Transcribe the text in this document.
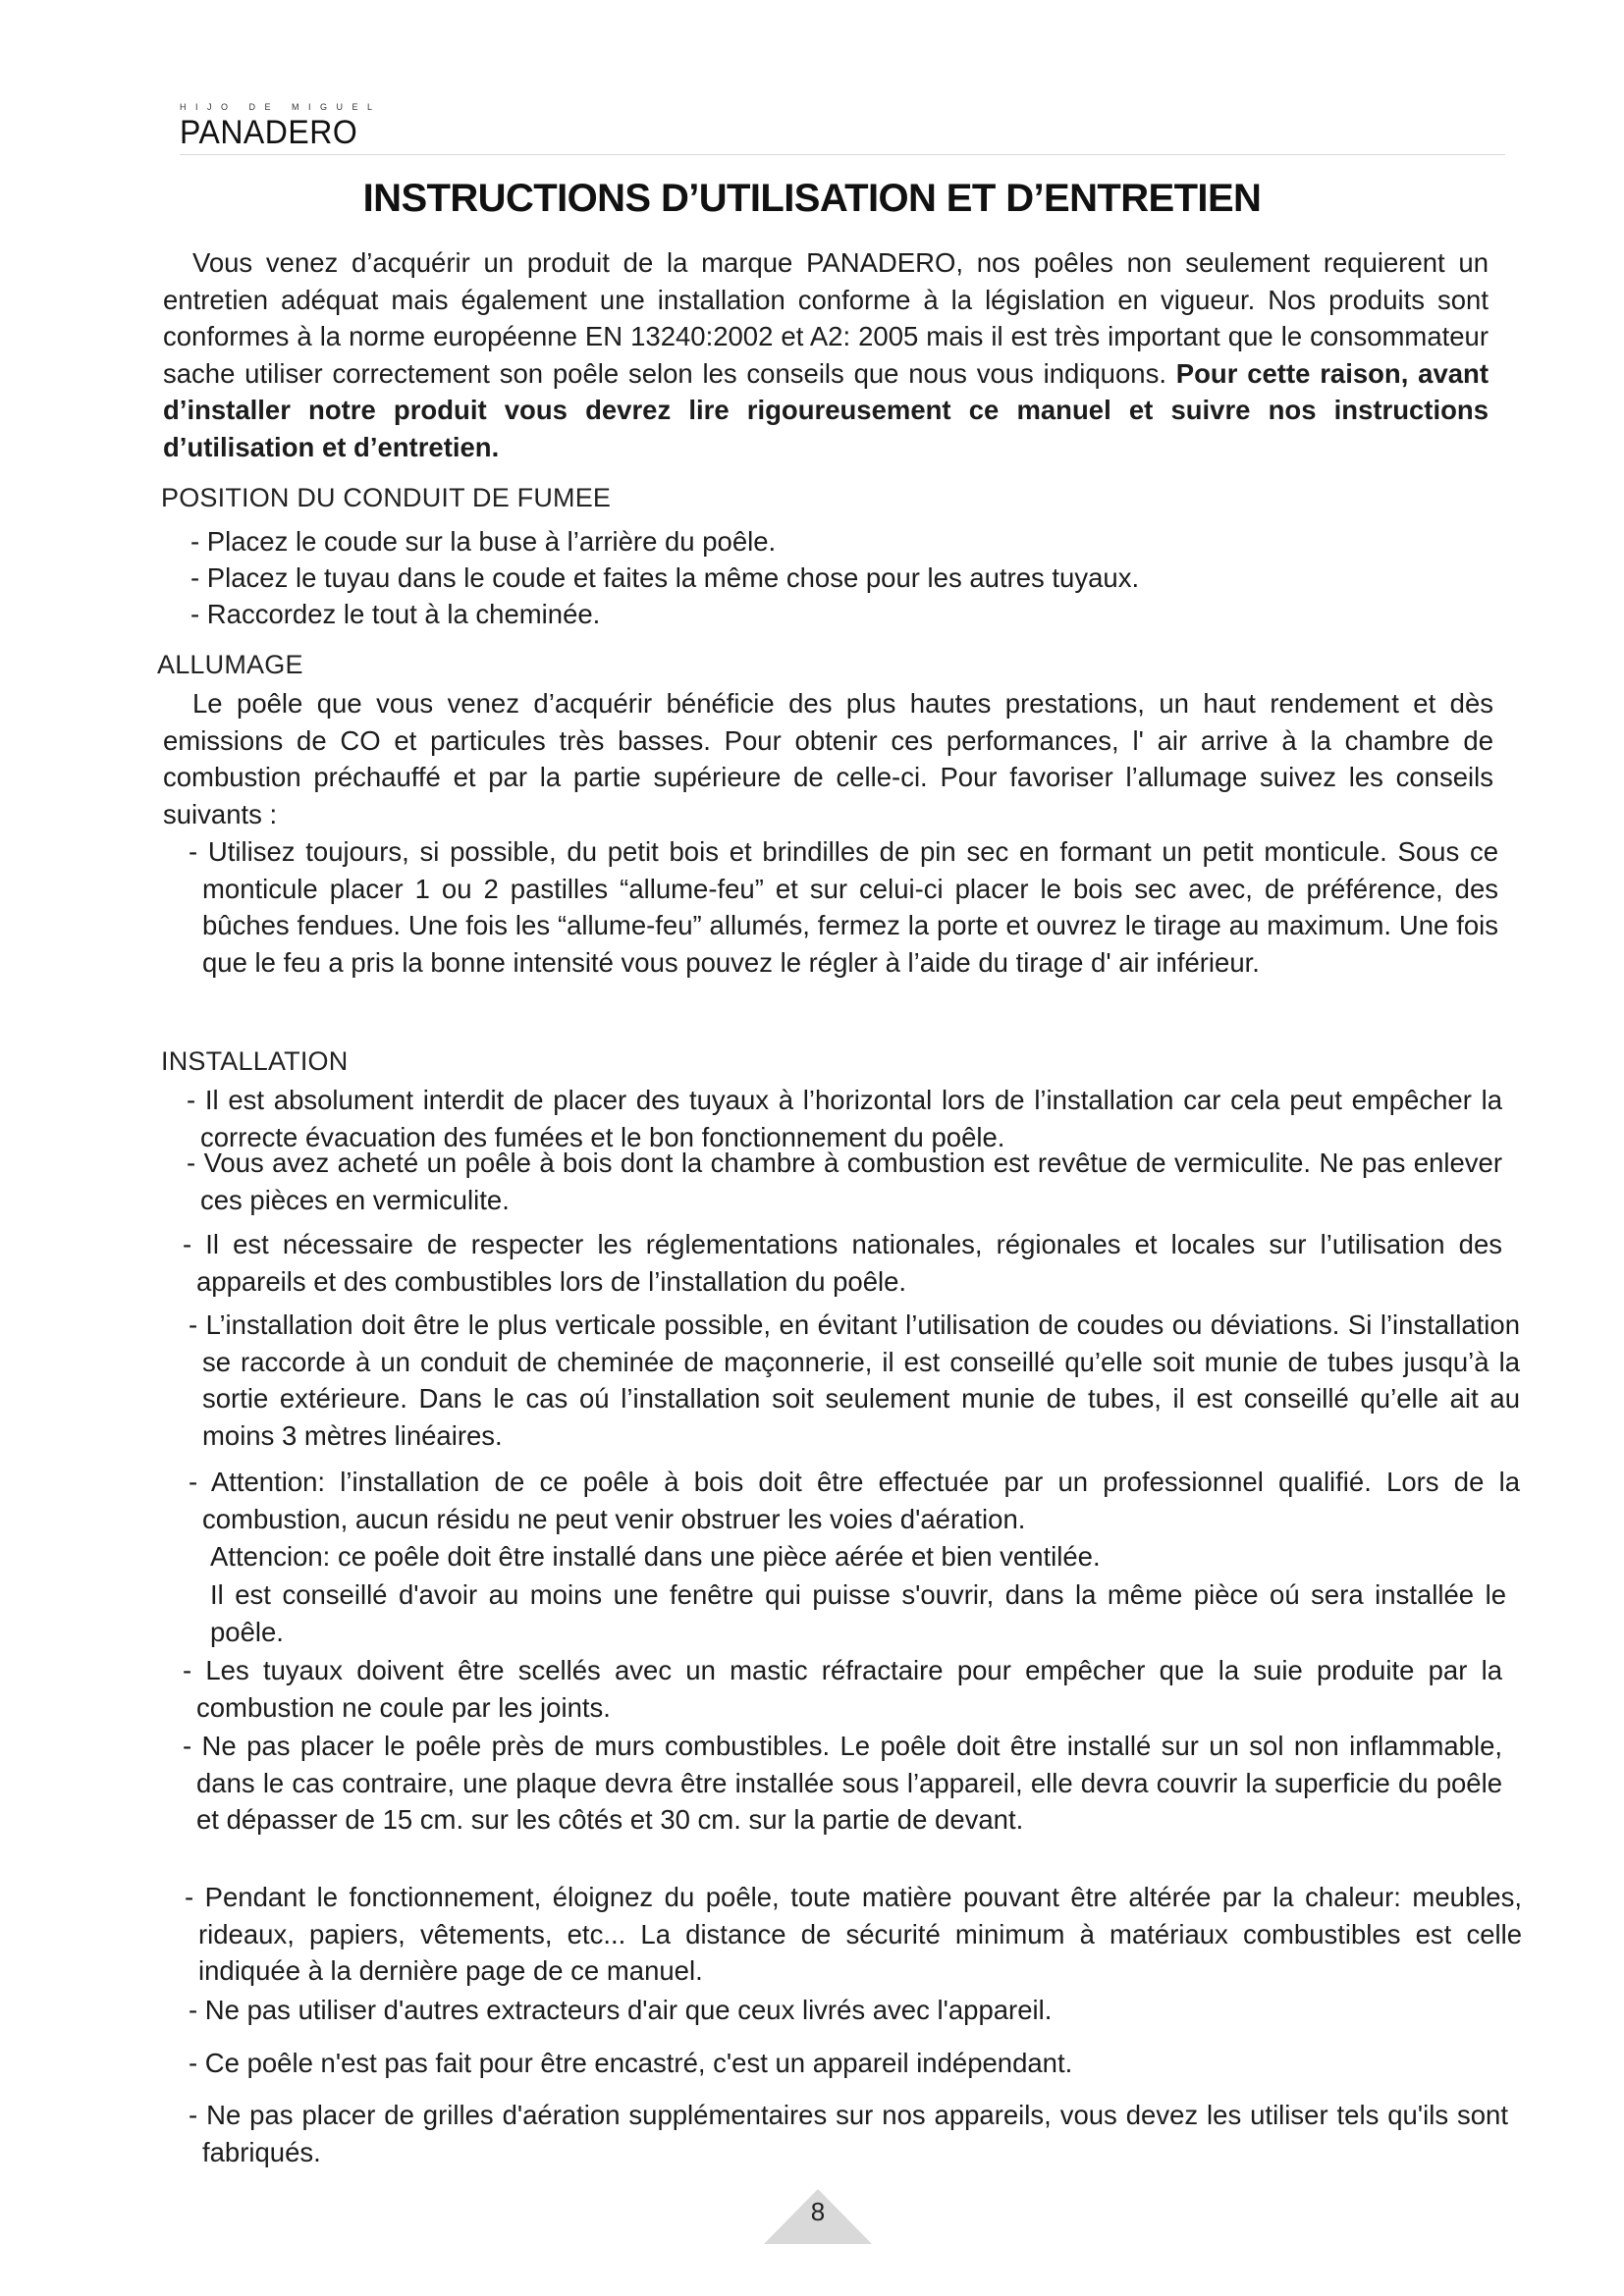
HIJO DE MIGUEL
PANADERO
INSTRUCTIONS D’UTILISATION ET D’ENTRETIEN
Vous venez d’acquérir un produit de la marque PANADERO, nos poêles non seulement requierent un entretien adéquat mais également une installation conforme à la législation en vigueur. Nos produits sont conformes à la norme européenne EN 13240:2002 et A2: 2005 mais il est très important que le consommateur sache utiliser correctement son poêle selon les conseils que nous vous indiquons. Pour cette raison, avant d’installer notre produit vous devrez lire rigoureusement ce manuel et suivre nos instructions d’utilisation et d’entretien.
POSITION DU CONDUIT DE FUMEE
- Placez le coude sur la buse à l’arrière du poêle.
- Placez le tuyau dans le coude et faites la même chose pour les autres tuyaux.
- Raccordez le tout à la cheminée.
ALLUMAGE
Le poêle que vous venez d’acquérir bénéficie des plus hautes prestations, un haut rendement et dès emissions de CO et particules très basses. Pour obtenir ces performances, l' air arrive à la chambre de combustion préchauffé et par la partie supérieure de celle-ci. Pour favoriser l’allumage suivez les conseils suivants :
- Utilisez toujours, si possible, du petit bois et brindilles de pin sec en formant un petit monticule. Sous ce monticule placer 1 ou 2 pastilles “allume-feu” et sur celui-ci placer le bois sec avec, de préférence, des bûches fendues. Une fois les “allume-feu” allumés, fermez la porte et ouvrez le tirage au maximum. Une fois que le feu a pris la bonne intensité vous pouvez le régler à l’aide du tirage d' air inférieur.
INSTALLATION
- Il est absolument interdit de placer des tuyaux à l’horizontal lors de l’installation car cela peut empêcher la correcte évacuation des fumées et le bon fonctionnement du poêle.
- Vous avez acheté un poêle à bois dont la chambre à combustion est revêtue de vermiculite. Ne pas enlever ces pièces en vermiculite.
- Il est nécessaire de respecter les réglementations nationales, régionales et locales sur l’utilisation des appareils et des combustibles lors de l’installation du poêle.
- L’installation doit être le plus verticale possible, en évitant l’utilisation de coudes ou déviations. Si l’installation se raccorde à un conduit de cheminée de maçonnerie, il est conseillé qu’elle soit munie de tubes jusqu’à la sortie extérieure. Dans le cas oú l’installation soit seulement munie de tubes, il est conseillé qu’elle ait au moins 3 mètres linéaires.
- Attention: l’installation de ce poêle à bois doit être effectuée par un professionnel qualifié. Lors de la combustion, aucun résidu ne peut venir obstruer les voies d'aération.
Attencion: ce poêle doit être installé dans une pièce aérée et bien ventilée.
Il est conseillé d'avoir au moins une fenêtre qui puisse s'ouvrir, dans la même pièce oú sera installée le poêle.
- Les tuyaux doivent être scellés avec un mastic réfractaire pour empêcher que la suie produite par la combustion ne coule par les joints.
- Ne pas placer le poêle près de murs combustibles. Le poêle doit être installé sur un sol non inflammable, dans le cas contraire, une plaque devra être installée sous l’appareil, elle devra couvrir la superficie du poêle et dépasser de 15 cm. sur les côtés et 30 cm. sur la partie de devant.
- Pendant le fonctionnement, éloignez du poêle, toute matière pouvant être altérée par la chaleur: meubles, rideaux, papiers, vêtements, etc... La distance de sécurité minimum à matériaux combustibles est celle indiquée à la dernière page de ce manuel.
- Ne pas utiliser d'autres extracteurs d'air que ceux livrés avec l'appareil.
- Ce poêle n'est pas fait pour être encastré, c'est un appareil indépendant.
- Ne pas placer de grilles d'aération supplémentaires sur nos appareils, vous devez les utiliser tels qu'ils sont fabriqués.
8
